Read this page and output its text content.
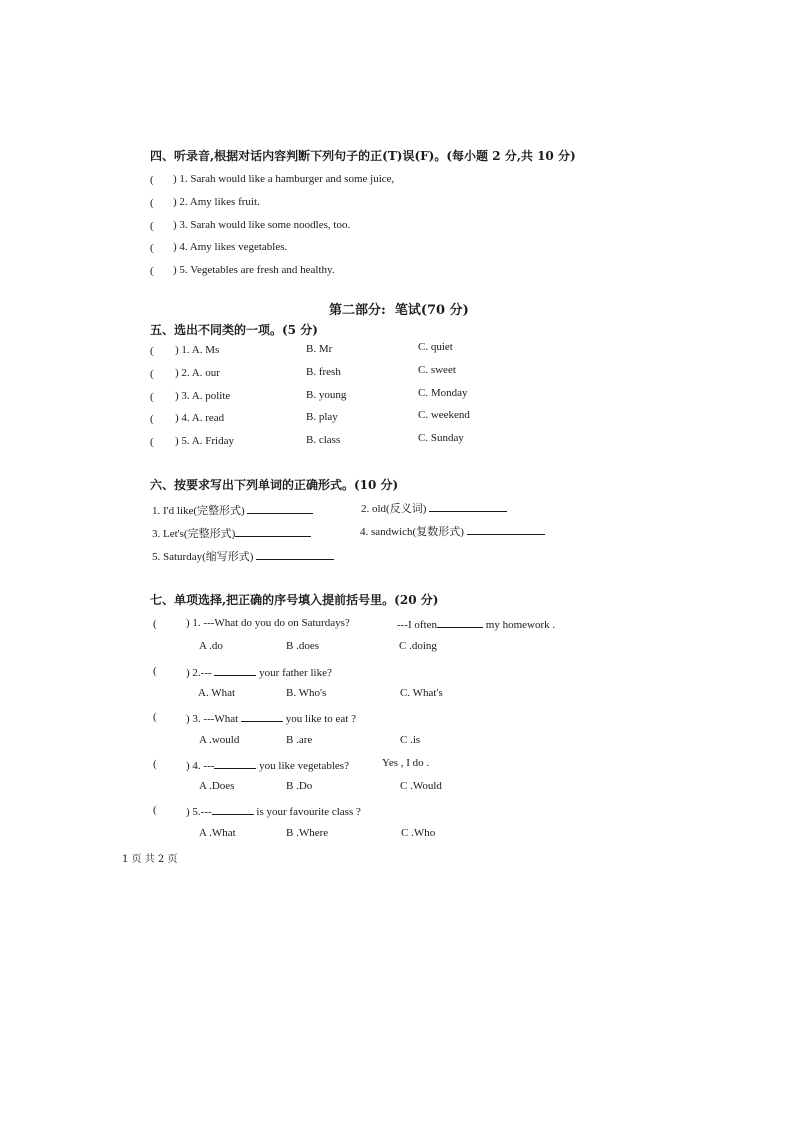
四、听录音,根据对话内容判断下列句子的正(T)误(F)。(每小题 2 分,共 10 分)
( ) 1. Sarah would like a hamburger and some juice,
( ) 2. Amy likes fruit.
( ) 3. Sarah would like some noodles, too.
( ) 4. Amy likes vegetables.
( ) 5. Vegetables are fresh and healthy.
第二部分:  笔试(70 分)
五、选出不同类的一项。(5 分)
( ) 1. A. Ms	B. Mr	C. quiet
( ) 2. A. our	B. fresh	C. sweet
( ) 3. A. polite	B. young	C. Monday
( ) 4. A. read	B. play	C. weekend
( ) 5. A. Friday	B. class	C. Sunday
六、按要求写出下列单词的正确形式。(10 分)
1. I'd like(完整形式)	2. old(反义词)
3. Let's(完整形式)	4. sandwich(复数形式)
5. Saturday(缩写形式)
七、单项选择,把正确的序号填入提前括号里。(20 分)
(	) 1. ---What do you do on Saturdays?	---I often	my homework .
A .do	B .does	C .doing
(	) 2.---	your father like?
A. What	B. Who's	C. What's
(	) 3. ---What	you like to eat ?
A .would	B .are	C .is
(	) 4. ---	you like vegetables?	Yes , I do .
A .Does	B .Do	C .Would
(	) 5.---	is your favourite class ?
A .What	B .Where	C .Who
1 页 共 2 页
